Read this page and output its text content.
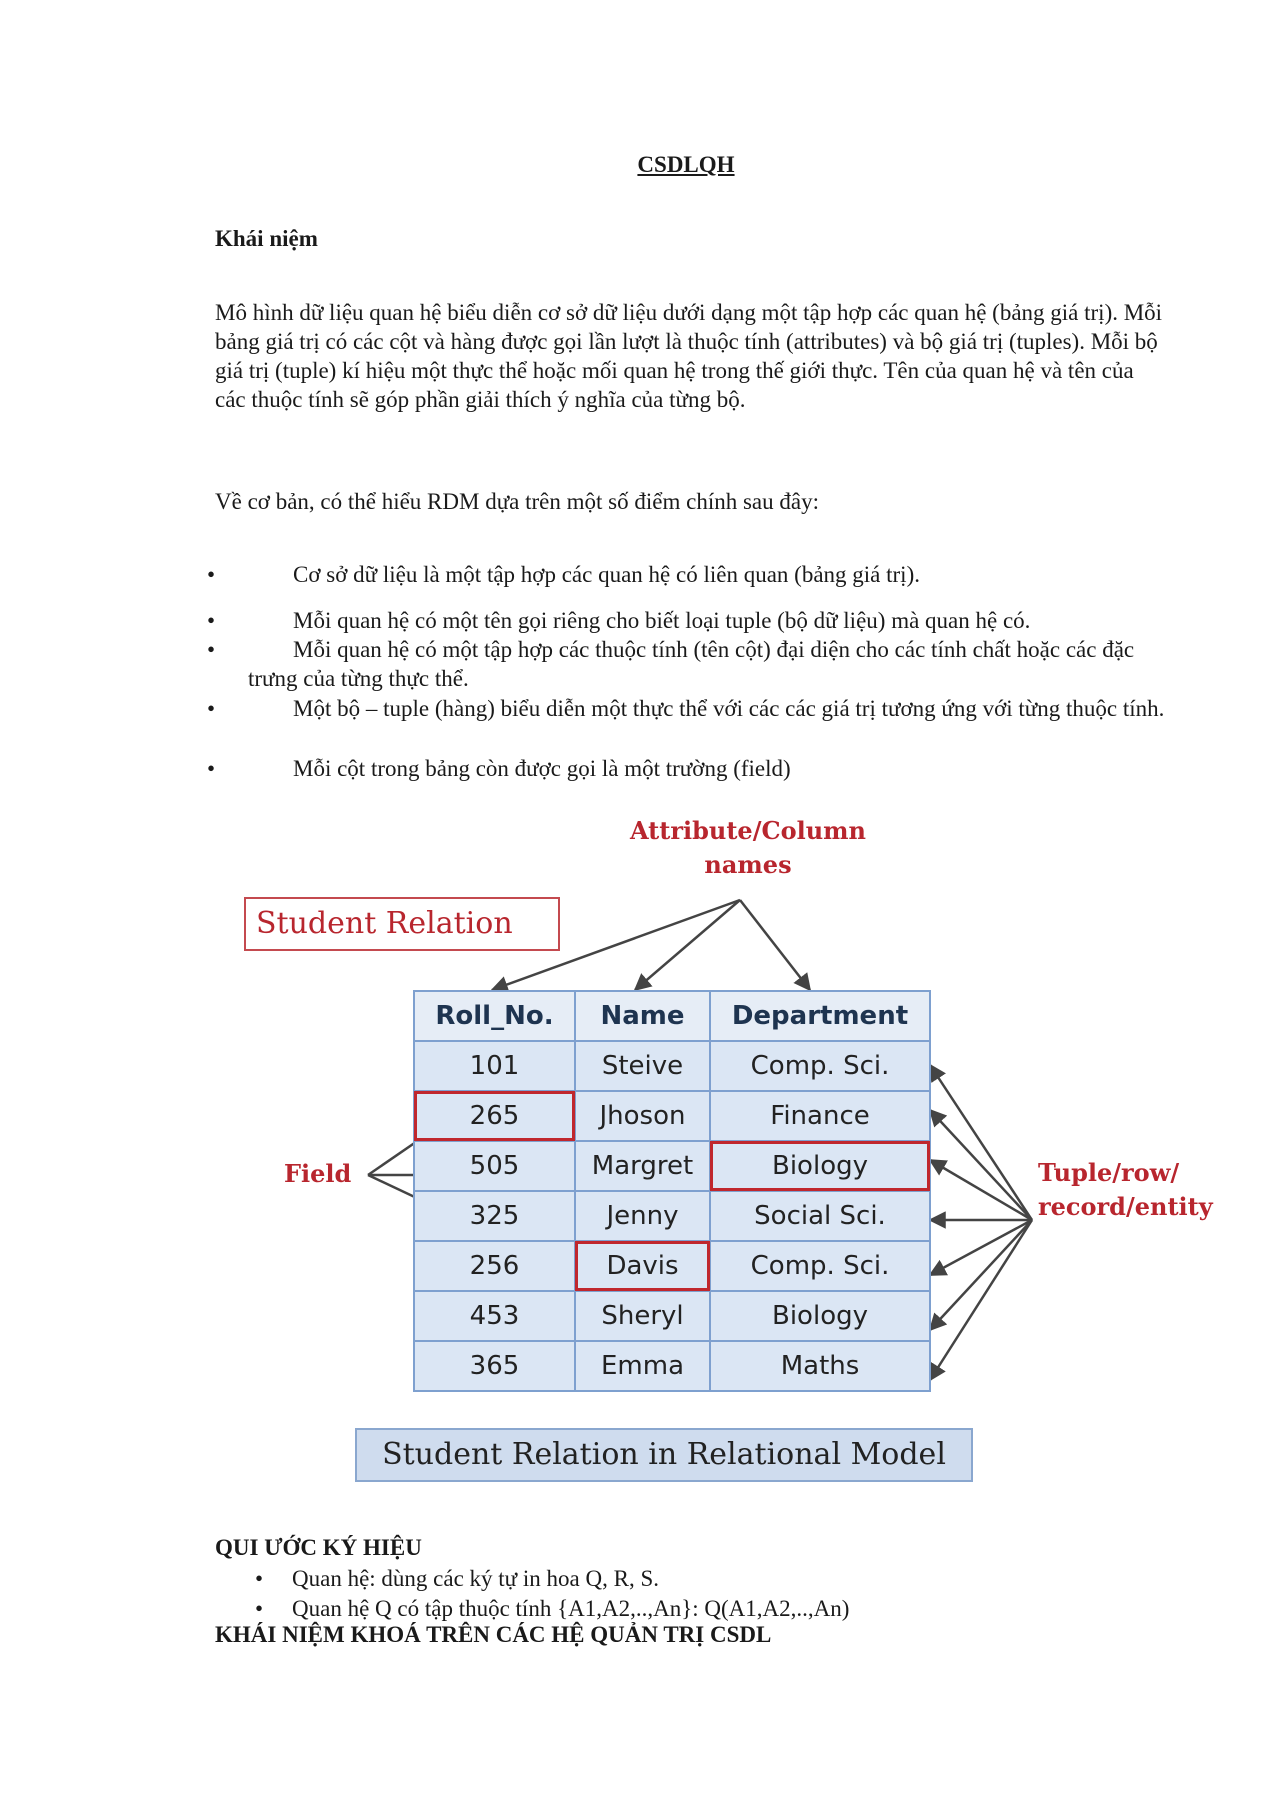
CSDLQH
Khái niệm

Mô hình dữ liệu quan hệ biểu diễn cơ sở dữ liệu dưới dạng một tập hợp các quan hệ (bảng giá trị). Mỗi bảng giá trị có các cột và hàng được gọi lần lượt là thuộc tính (attributes) và bộ giá trị (tuples). Mỗi bộ giá trị (tuple) kí hiệu một thực thể hoặc mối quan hệ trong thế giới thực. Tên của quan hệ và tên của các thuộc tính sẽ góp phần giải thích ý nghĩa của từng bộ.

Về cơ bản, có thể hiểu RDM dựa trên một số điểm chính sau đây:

•	Cơ sở dữ liệu là một tập hợp các quan hệ có liên quan (bảng giá trị).
•	Mỗi quan hệ có một tên gọi riêng cho biết loại tuple (bộ dữ liệu) mà quan hệ có.
•	Mỗi quan hệ có một tập hợp các thuộc tính (tên cột) đại diện cho các tính chất hoặc các đặc trưng của từng thực thể.
•	Một bộ – tuple (hàng) biểu diễn một thực thể với các các giá trị tương ứng với từng thuộc tính.
•	Mỗi cột trong bảng còn được gọi là một trường (field)
Attribute/Column
names
Student Relation
Field	Tuple/row/
record/entity
Roll_No.	Name	Department
101	Steive	Comp. Sci.
265	Jhoson	Finance
505	Margret	Biology
325	Jenny	Social Sci.
256	Davis	Comp. Sci.
453	Sheryl	Biology
365	Emma	Maths
Student Relation in Relational Model
QUI ƯỚC KÝ HIỆU
• Quan hệ: dùng các ký tự in hoa Q, R, S.
• Quan hệ Q có tập thuộc tính {A1,A2,..,An}: Q(A1,A2,..,An)
KHÁI NIỆM KHOÁ TRÊN CÁC HỆ QUẢN TRỊ CSDL
